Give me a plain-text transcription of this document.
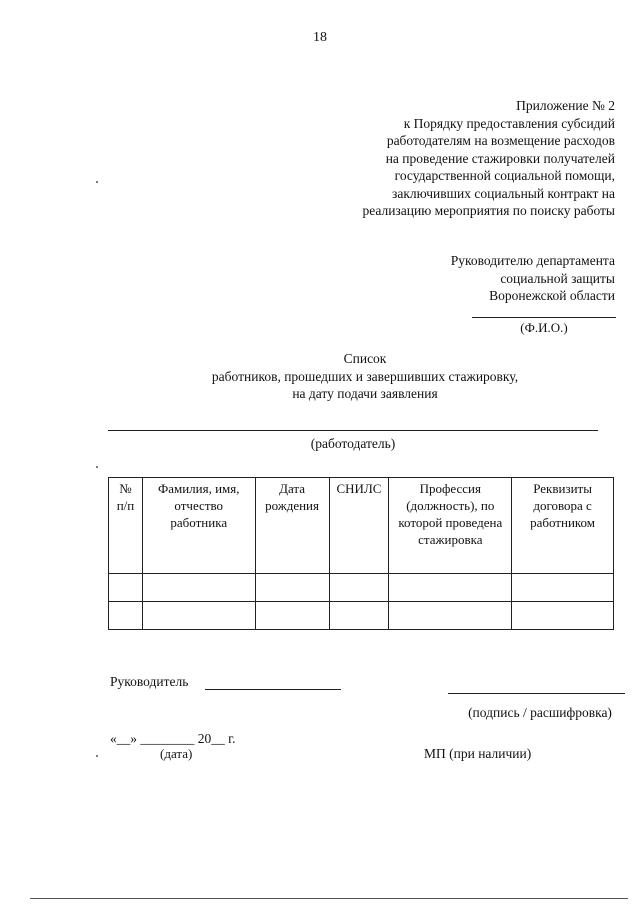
18
Приложение № 2
к Порядку предоставления субсидий
работодателям на возмещение расходов
на проведение стажировки получателей
государственной социальной помощи,
заключивших социальный контракт на
реализацию мероприятия по поиску работы
Руководителю департамента
социальной защиты
Воронежской области
(Ф.И.О.)
Список
работников, прошедших и завершивших стажировку,
на дату подачи заявления
(работодатель)
№ п/п	Фамилия, имя, отчество работника	Дата рождения	СНИЛС	Профессия (должность), по которой проведена стажировка	Реквизиты договора с работником

Руководитель
(подпись / расшифровка)
«__» ________ 20__ г.
(дата)	МП (при наличии)
